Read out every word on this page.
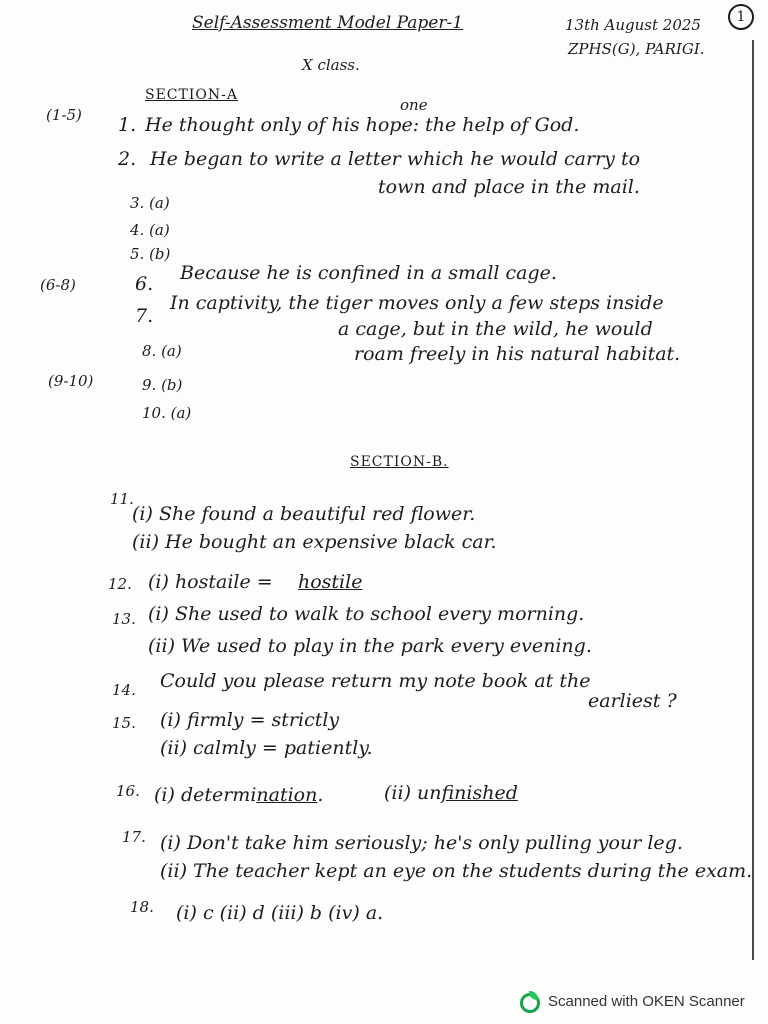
1
Self-Assessment Model Paper-1	13th August 2025
ZPHS(G), PARIGI.
X class.
SECTION-A
(1-5)
one
1. He thought only of his hope: the help of God.
2. He began to write a letter which he would carry to
town and place in the mail.
3. (a)
4. (a)
5. (b)
(6-8)	6. Because he is confined in a small cage.
7.
In captivity, the tiger moves only a few steps inside
a cage, but in the wild, he would
roam freely in his natural habitat.
8. (a)
(9-10)	9. (b)
10. (a)
SECTION-B.
11.
(i) She found a beautiful red flower.
(ii) He bought an expensive black car.
12. (i) hostaile = hostile
13. (i) She used to walk to school every morning.
(ii) We used to play in the park every evening.
14. Could you please return my note book at the
earliest ?
15. (i) firmly = strictly
(ii) calmly = patiently.
16. (i) determination.	(ii) unfinished
17. (i) Don't take him seriously; he's only pulling your leg.
(ii) The teacher kept an eye on the students during the exam.
18. (i) c (ii) d (iii) b (iv) a.
Scanned with OKEN Scanner
